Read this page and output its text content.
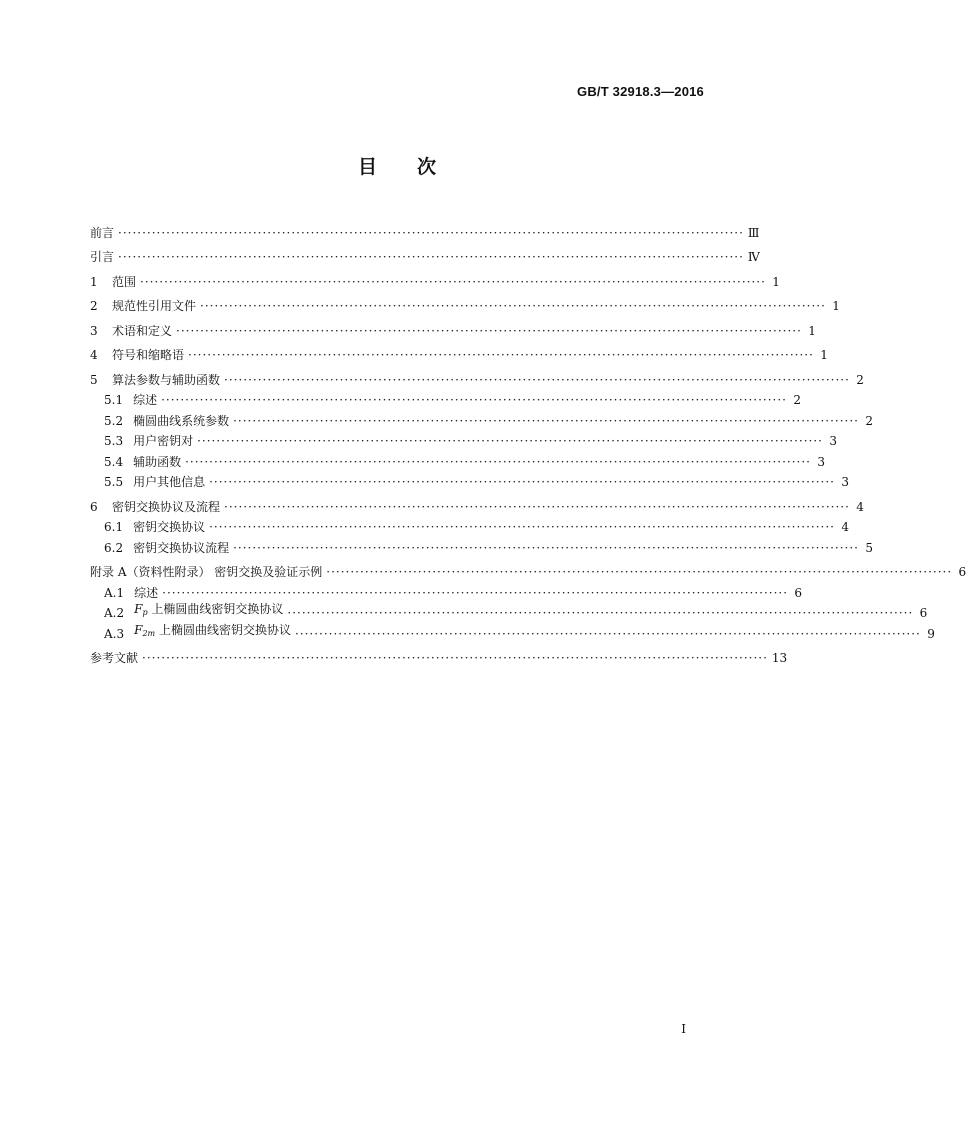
GB/T 32918.3—2016
目 次
前言 ·································································································································· Ⅲ
引言 ·································································································································· Ⅳ
1	范围 ·································································································································· 1
2	规范性引用文件 ·································································································································· 1
3	术语和定义 ·································································································································· 1
4	符号和缩略语 ·································································································································· 1
5	算法参数与辅助函数 ·································································································································· 2
5.1 综述 ·································································································································· 2
5.2 椭圆曲线系统参数 ·································································································································· 2
5.3 用户密钥对 ·································································································································· 3
5.4 辅助函数 ·································································································································· 3
5.5 用户其他信息 ·································································································································· 3
6	密钥交换协议及流程 ·································································································································· 4
6.1 密钥交换协议 ·································································································································· 4
6.2 密钥交换协议流程 ·································································································································· 5
附录 A（资料性附录） 密钥交换及验证示例 ·································································································································· 6
A.1 综述 ·································································································································· 6
A.2 $F_p$ 上椭圆曲线密钥交换协议 ·································································································································· 6
A.3 $F_{2m}$ 上椭圆曲线密钥交换协议 ·································································································································· 9
参考文献 ·································································································································· 13
I
